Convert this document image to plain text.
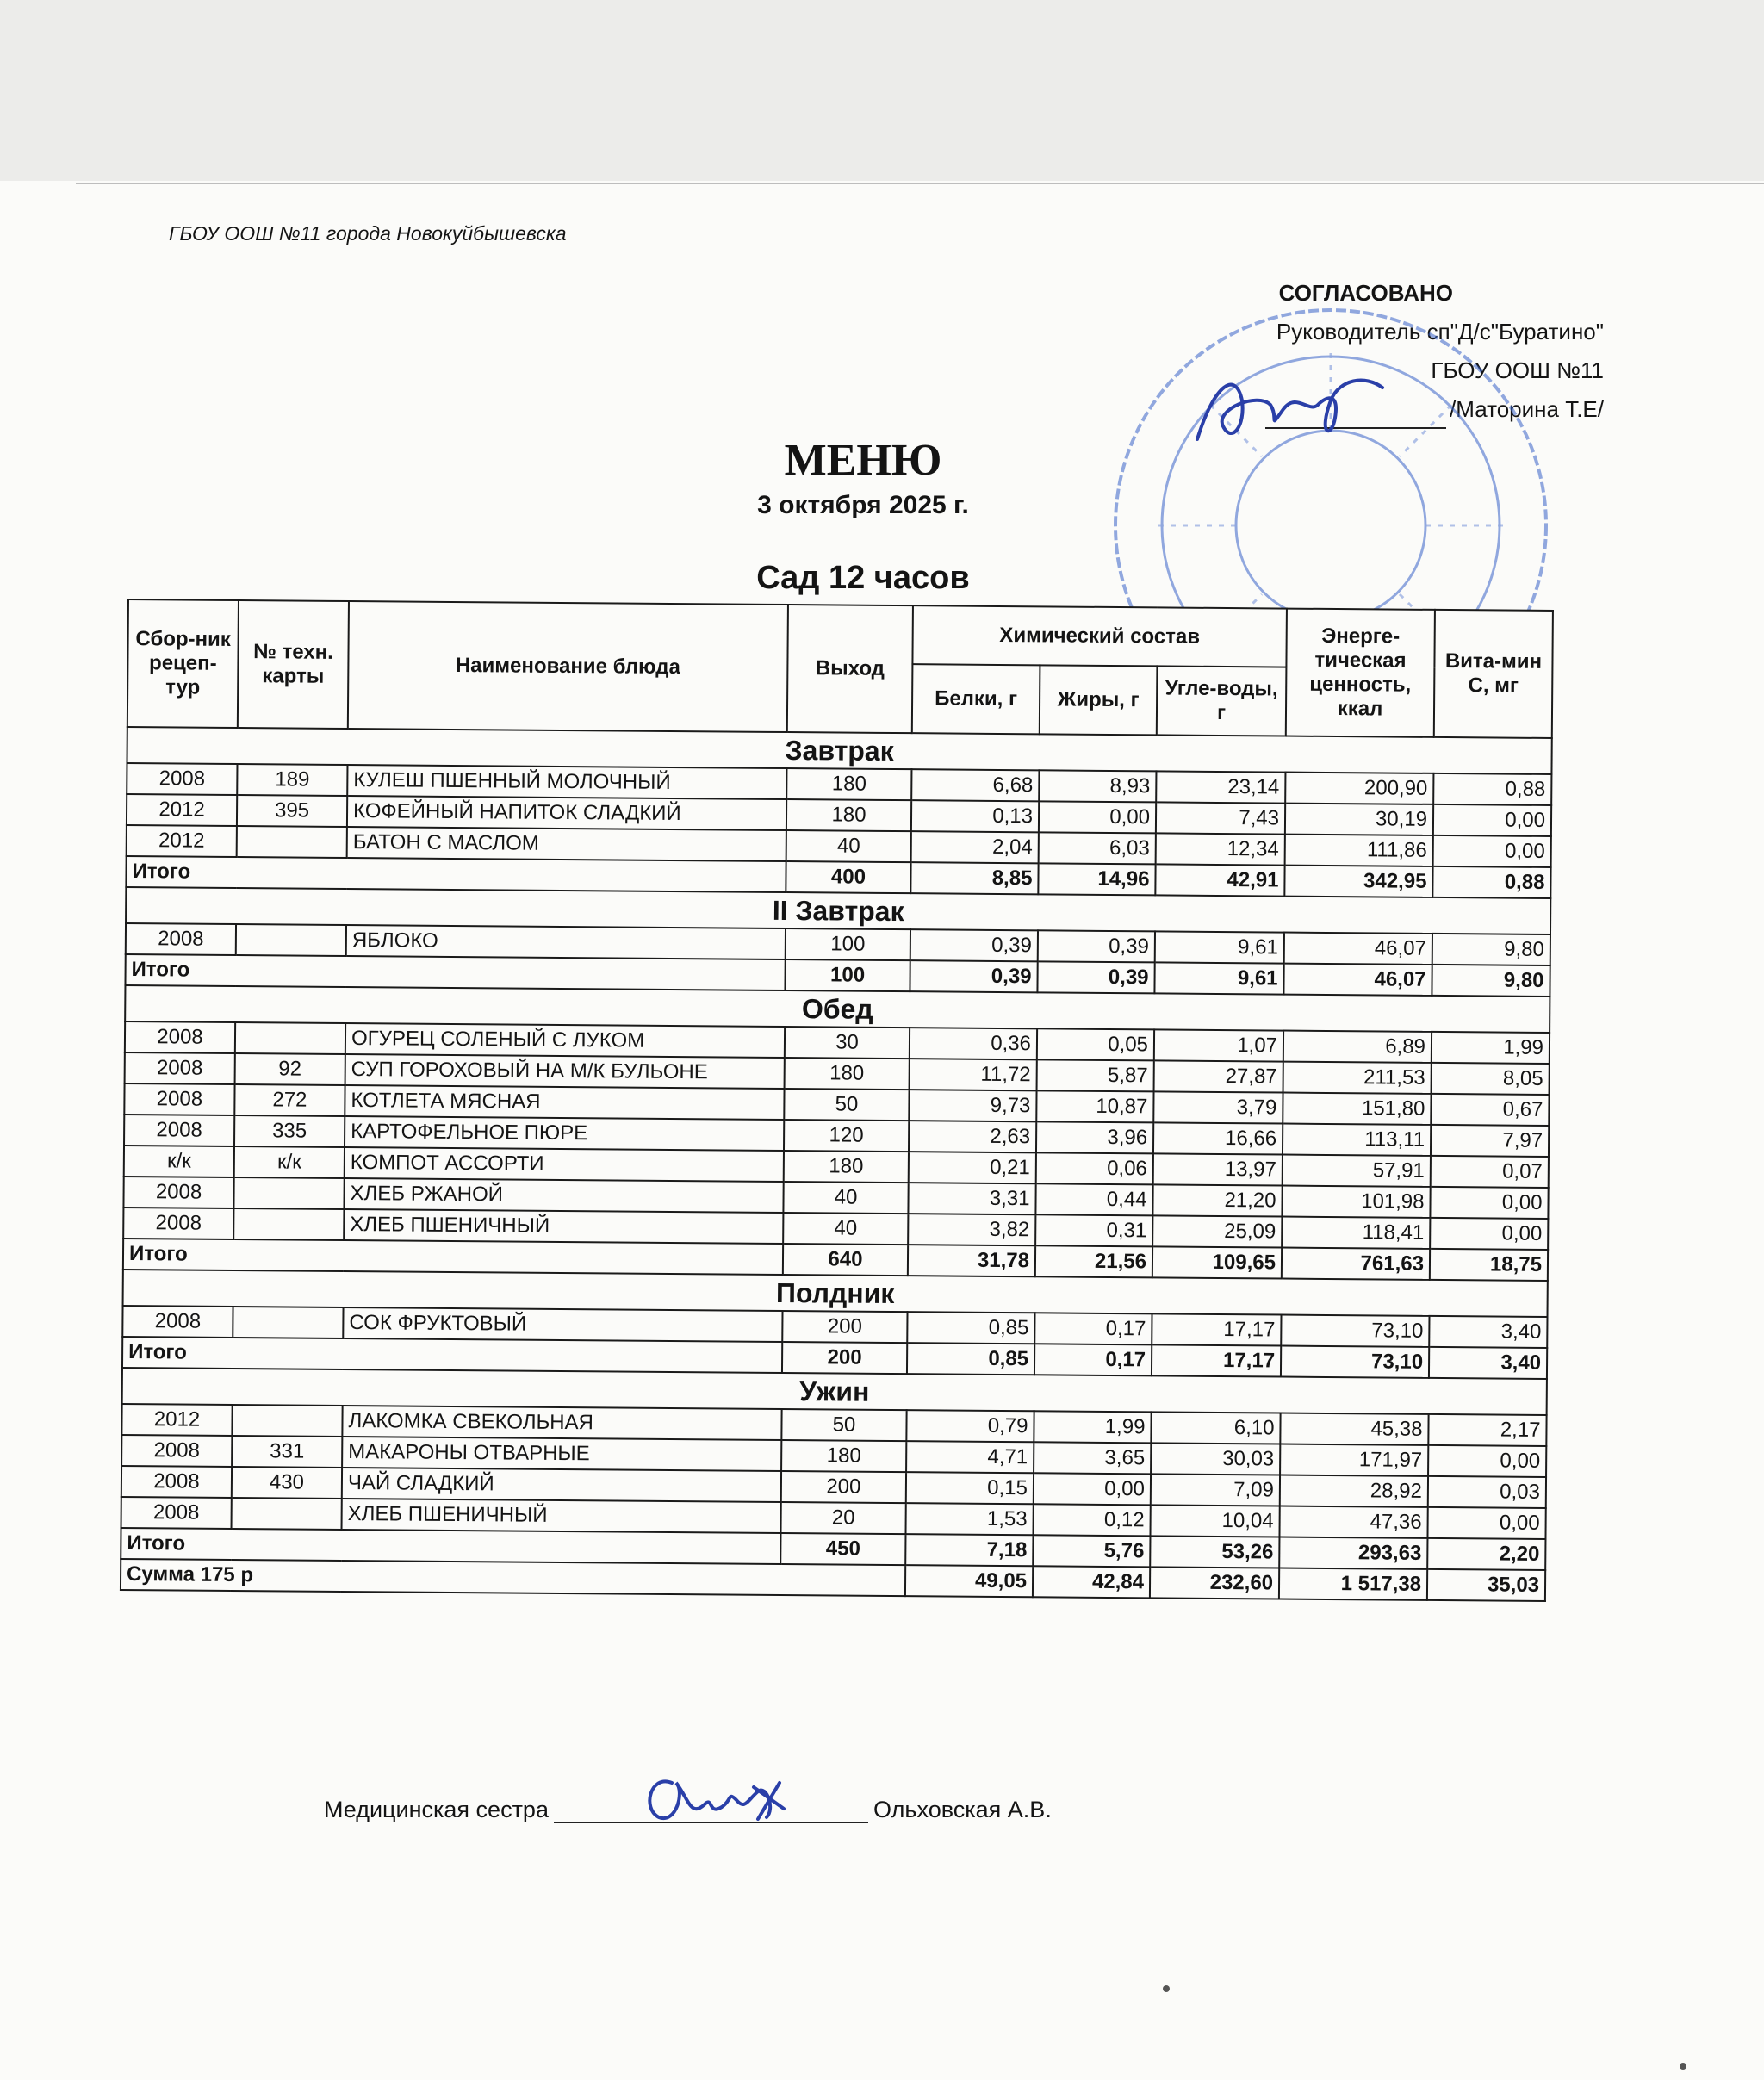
ГБОУ ООШ №11 города Новокуйбышевска
СОГЛАСОВАНО
Руководитель сп"Д/с"Буратино"
ГБОУ ООШ №11
/Маторина Т.Е/
МЕНЮ
3 октября 2025 г.
Сад 12 часов
Сбор-ник рецеп-тур	№ техн. карты	Наименование блюда	Выход	Химический состав			Энерге-тическая ценность, ккал	Вита-мин С, мг
				Белки, г	Жиры, г	Угле-воды, г		
Завтрак								
2008	189	КУЛЕШ ПШЕННЫЙ МОЛОЧНЫЙ	180	6,68	8,93	23,14	200,90	0,88
2012	395	КОФЕЙНЫЙ НАПИТОК СЛАДКИЙ	180	0,13	0,00	7,43	30,19	0,00
2012		БАТОН С МАСЛОМ	40	2,04	6,03	12,34	111,86	0,00
Итого			400	8,85	14,96	42,91	342,95	0,88
II Завтрак								
2008		ЯБЛОКО	100	0,39	0,39	9,61	46,07	9,80
Итого			100	0,39	0,39	9,61	46,07	9,80
Обед								
2008		ОГУРЕЦ СОЛЕНЫЙ С ЛУКОМ	30	0,36	0,05	1,07	6,89	1,99
2008	92	СУП ГОРОХОВЫЙ НА М/К БУЛЬОНЕ	180	11,72	5,87	27,87	211,53	8,05
2008	272	КОТЛЕТА МЯСНАЯ	50	9,73	10,87	3,79	151,80	0,67
2008	335	КАРТОФЕЛЬНОЕ ПЮРЕ	120	2,63	3,96	16,66	113,11	7,97
к/к	к/к	КОМПОТ АССОРТИ	180	0,21	0,06	13,97	57,91	0,07
2008		ХЛЕБ РЖАНОЙ	40	3,31	0,44	21,20	101,98	0,00
2008		ХЛЕБ ПШЕНИЧНЫЙ	40	3,82	0,31	25,09	118,41	0,00
Итого			640	31,78	21,56	109,65	761,63	18,75
Полдник								
2008		СОК ФРУКТОВЫЙ	200	0,85	0,17	17,17	73,10	3,40
Итого			200	0,85	0,17	17,17	73,10	3,40
Ужин								
2012		ЛАКОМКА СВЕКОЛЬНАЯ	50	0,79	1,99	6,10	45,38	2,17
2008	331	МАКАРОНЫ ОТВАРНЫЕ	180	4,71	3,65	30,03	171,97	0,00
2008	430	ЧАЙ СЛАДКИЙ	200	0,15	0,00	7,09	28,92	0,03
2008		ХЛЕБ ПШЕНИЧНЫЙ	20	1,53	0,12	10,04	47,36	0,00
Итого			450	7,18	5,76	53,26	293,63	2,20
Сумма 175 р				49,05	42,84	232,60	1 517,38	35,03
Медицинская сестра	Ольховская А.В.
